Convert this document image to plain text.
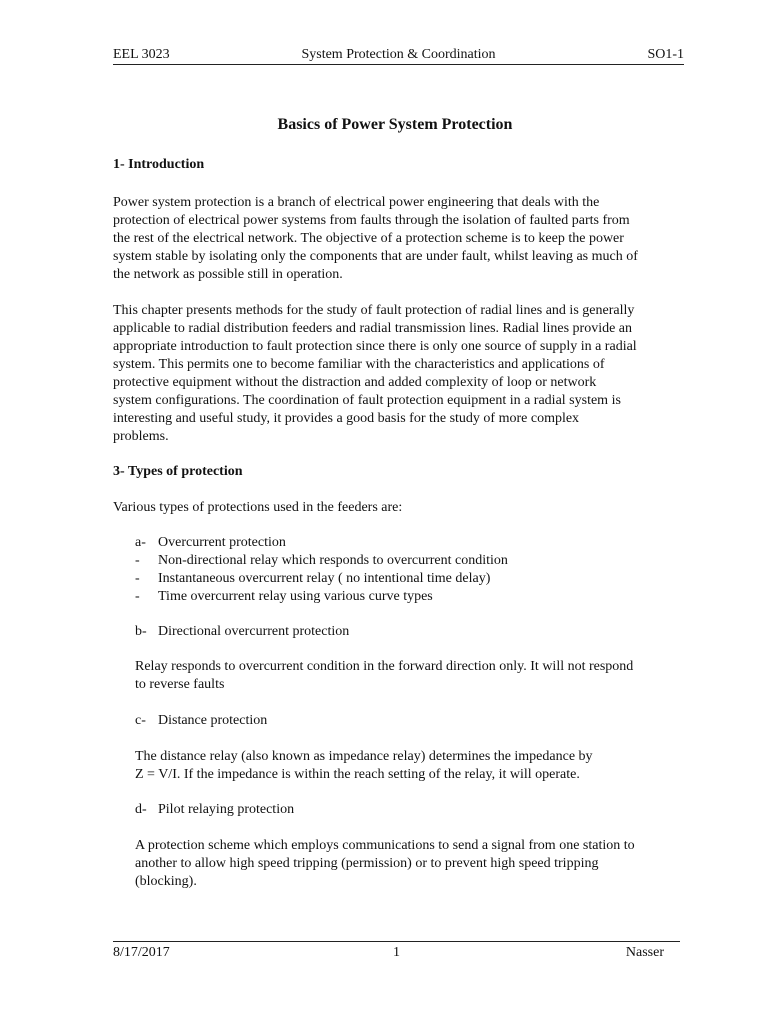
EEL 3023	System Protection & Coordination	SO1-1
Basics of Power System Protection
1- Introduction
Power system protection is a branch of electrical power engineering that deals with the
protection of electrical power systems from faults through the isolation of faulted parts from
the rest of the electrical network. The objective of a protection scheme is to keep the power
system stable by isolating only the components that are under fault, whilst leaving as much of
the network as possible still in operation.
This chapter presents methods for the study of fault protection of radial lines and is generally
applicable to radial distribution feeders and radial transmission lines. Radial lines provide an
appropriate introduction to fault protection since there is only one source of supply in a radial
system. This permits one to become familiar with the characteristics and applications of
protective equipment without the distraction and added complexity of loop or network
system configurations. The coordination of fault protection equipment in a radial system is
interesting and useful study, it provides a good basis for the study of more complex
problems.
3- Types of protection
Various types of protections used in the feeders are:
a- Overcurrent protection
-	Non-directional relay which responds to overcurrent condition
-	Instantaneous overcurrent relay ( no intentional time delay)
-	Time overcurrent relay using various curve types
b- Directional overcurrent protection
Relay responds to overcurrent condition in the forward direction only. It will not respond
to reverse faults
c- Distance protection
The distance relay (also known as impedance relay) determines the impedance by
Z = V/I. If the impedance is within the reach setting of the relay, it will operate.
d- Pilot relaying protection
A protection scheme which employs communications to send a signal from one station to
another to allow high speed tripping (permission) or to prevent high speed tripping
(blocking).
8/17/2017	1	Nasser
